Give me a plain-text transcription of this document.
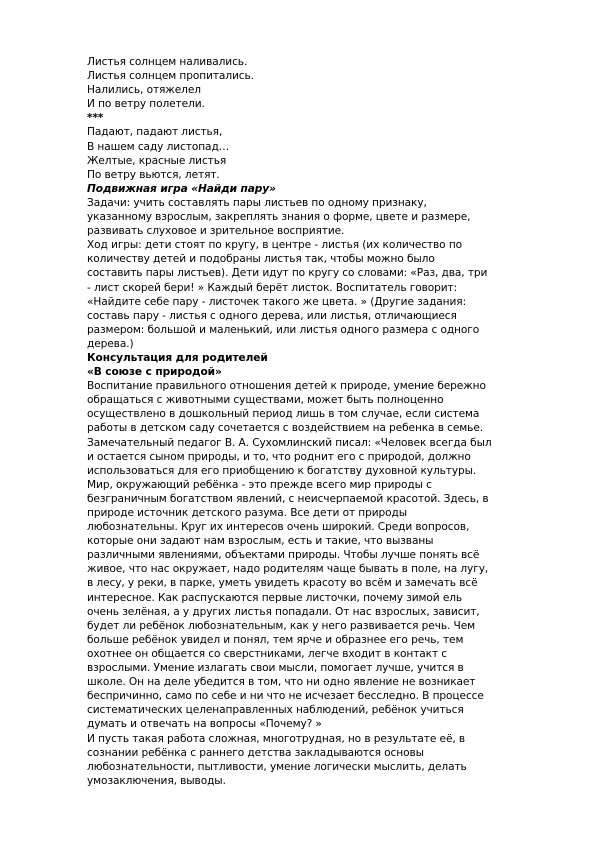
Листья солнцем наливались.
Листья солнцем пропитались.
Налились, отяжелел
И по ветру полетели.
***
Падают, падают листья,
В нашем саду листопад…
Желтые, красные листья
По ветру вьются, летят.
Подвижная игра «Найди пару»
Задачи: учить составлять пары листьев по одному признаку,
указанному взрослым, закреплять знания о форме, цвете и размере,
развивать слуховое и зрительное восприятие.
Ход игры: дети стоят по кругу, в центре - листья (их количество по
количеству детей и подобраны листья так, чтобы можно было
составить пары листьев). Дети идут по кругу со словами: «Раз, два, три
- лист скорей бери! » Каждый берёт листок. Воспитатель говорит:
«Найдите себе пару - листочек такого же цвета. » (Другие задания:
составь пару - листья с одного дерева, или листья, отличающиеся
размером: большой и маленький, или листья одного размера с одного
дерева.)
Консультация для родителей
«В союзе с природой»
Воспитание правильного отношения детей к природе, умение бережно
обращаться с животными существами, может быть полноценно
осуществлено в дошкольный период лишь в том случае, если система
работы в детском саду сочетается с воздействием на ребенка в семье.
Замечательный педагог В. А. Сухомлинский писал: «Человек всегда был
и остается сыном природы, и то, что роднит его с природой, должно
использоваться для его приобщению к богатству духовной культуры.
Мир, окружающий ребёнка - это прежде всего мир природы с
безграничным богатством явлений, с неисчерпаемой красотой. Здесь, в
природе источник детского разума. Все дети от природы
любознательны. Круг их интересов очень широкий. Среди вопросов,
которые они задают нам взрослым, есть и такие, что вызваны
различными явлениями, объектами природы. Чтобы лучше понять всё
живое, что нас окружает, надо родителям чаще бывать в поле, на лугу,
в лесу, у реки, в парке, уметь увидеть красоту во всём и замечать всё
интересное. Как распускаются первые листочки, почему зимой ель
очень зелёная, а у других листья попадали. От нас взрослых, зависит,
будет ли ребёнок любознательным, как у него развивается речь. Чем
больше ребёнок увидел и понял, тем ярче и образнее его речь, тем
охотнее он общается со сверстниками, легче входит в контакт с
взрослыми. Умение излагать свои мысли, помогает лучше, учится в
школе. Он на деле убедится в том, что ни одно явление не возникает
беспричинно, само по себе и ни что не исчезает бесследно. В процессе
систематических целенаправленных наблюдений, ребёнок учиться
думать и отвечать на вопросы «Почему? »
И пусть такая работа сложная, многотрудная, но в результате её, в
сознании ребёнка с раннего детства закладываются основы
любознательности, пытливости, умение логически мыслить, делать
умозаключения, выводы.
